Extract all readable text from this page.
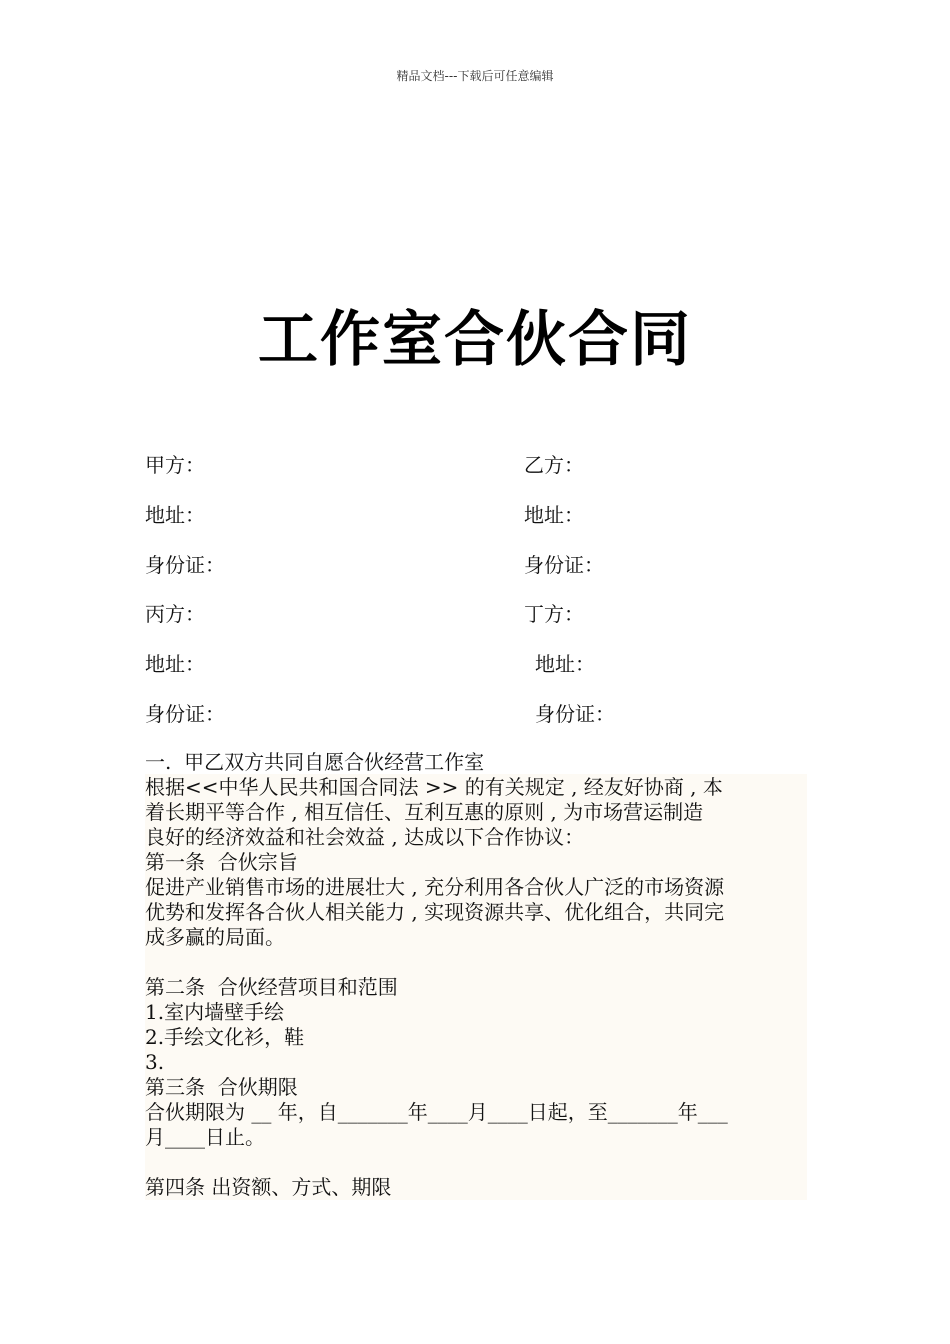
精品文档---下载后可任意编辑
工作室合伙合同
甲方：	乙方：
地址：	地址：
身份证：	身份证：
丙方：	丁方：
地址：	地址：
身份证：	身份证：

一.  甲乙双方共同自愿合伙经营工作室

根据<<中华人民共和国合同法 >> 的有关规定 , 经友好协商 , 本

着长期平等合作 , 相互信任、互利互惠的原则 , 为市场营运制造

良好的经济效益和社会效益 , 达成以下合作协议：

第一条  合伙宗旨

促进产业销售市场的进展壮大 , 充分利用各合伙人广泛的市场资源

优势和发挥各合伙人相关能力 , 实现资源共享、优化组合，共同完

成多赢的局面。

第二条  合伙经营项目和范围

1.室内墙壁手绘

2.手绘文化衫，鞋

3.

第三条  合伙期限

合伙期限为 __ 年，自_______年____月____日起，至_______年___

月____日止。

第四条 出资额、方式、期限
